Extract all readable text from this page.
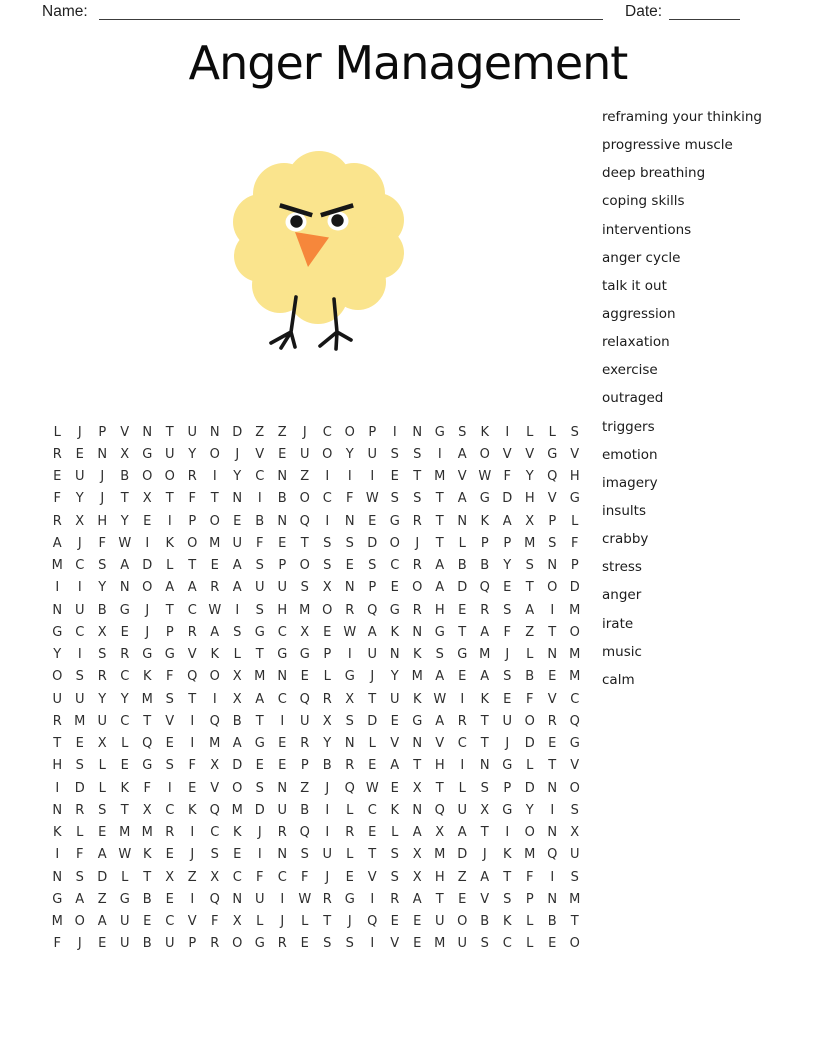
Name:	Date:
Anger Management
reframing your thinking
progressive muscle
deep breathing
coping skills
interventions
anger cycle
talk it out
aggression
relaxation
exercise
outraged
triggers
emotion
imagery
insults
crabby
stress
anger
irate
music
calm
L	J	P	V	N	T	U N D	Z	Z	J	C O	P	I	N G	S	K	I	L	L	S
R	E	N	X	G U	Y	O	J	V	E	U O	Y	U	S	S	I	A O V	V	G	V
E	U	J	B O O R	I	Y	C	N	Z	I	I	I	E	T M V W F	Y	Q H
F	Y	J	T	X	T	F	T	N	I	B O C	F W S	S	T	A	G D H	V	G
R	X	H	Y	E	I	P	O	E	B	N Q	I	N	E	G R	T	N	K	A	X	P	L
A	J	F W	I	K	O M U	F	E	T	S	S	D O	J	T	L	P	P M S	F
M C	S	A	D	L	T	E	A	S	P	O	S	E	S	C	R	A	B	B	Y	S	N	P
I	I	Y	N O A	A	R	A	U U	S	X	N	P	E	O A	D Q	E	T	O D
N U	B	G	J	T	C W	I	S	H M O R Q G R	H	E	R	S	A	I	M
G C	X	E	J	P	R	A	S	G C	X	E W A	K	N G	T	A	F	Z	T	O
Y	I	S	R G G	V	K	L	T	G G	P	I	U N	K	S	G M	J	L	N M
O	S	R	C	K	F	Q O X M N	E	L	G	J	Y M A	E	A	S	B	E M
U U	Y	Y M S	T	I	X	A	C Q R	X	T	U	K W	I	K	E	F	V	C
R M U	C	T	V	I	Q B	T	I	U	X	S	D	E	G	A	R	T	U O R Q
T	E	X	L	Q	E	I	M A	G	E	R	Y	N	L	V	N	V	C	T	J	D	E	G
H	S	L	E	G	S	F	X	D	E	E	P	B	R	E	A	T	H	I	N G	L	T	V
I	D	L	K	F	I	E	V O	S	N	Z	J	Q W E	X	T	L	S	P	D N O
N	R	S	T	X	C	K	Q M D U	B	I	L	C	K	N Q U	X	G	Y	I	S
K	L	E M M R	I	C	K	J	R Q	I	R	E	L	A	X	A	T	I	O N	X
I	F	A W K	E	J	S	E	I	N	S	U	L	T	S	X M D	J	K M Q U
N	S	D	L	T	X	Z	X	C	F	C	F	J	E	V	S	X	H	Z	A	T	F	I	S
G	A	Z	G	B	E	I	Q N U	I	W R G	I	R	A	T	E	V	S	P	N M
M O A	U	E	C	V	F	X	L	J	L	T	J	Q	E	E	U O B	K	L	B	T
F	J	E	U	B	U	P	R O G R	E	S	S	I	V	E M U	S	C	L	E	O
